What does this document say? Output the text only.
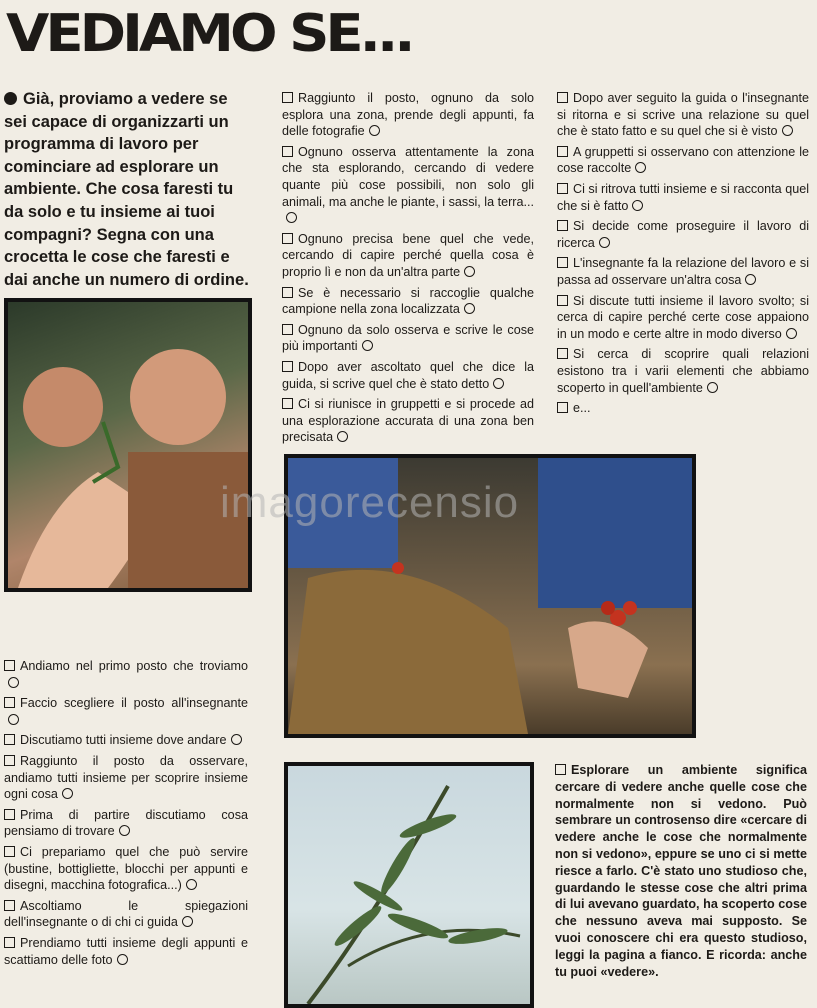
VEDIAMO SE...
Già, proviamo a vedere se sei capace di organizzarti un programma di lavoro per cominciare ad esplorare un ambiente. Che cosa faresti tu da solo e tu insieme ai tuoi compagni? Segna con una crocetta le cose che faresti e dai anche un numero di ordine.
Raggiunto il posto, ognuno da solo esplora una zona, prende degli appunti, fa delle fotografie
Ognuno osserva attentamente la zona che sta esplorando, cercando di vedere quante più cose possibili, non solo gli animali, ma anche le piante, i sassi, la terra...
Ognuno precisa bene quel che vede, cercando di capire perché quella cosa è proprio lì e non da un'altra parte
Se è necessario si raccoglie qualche campione nella zona localizzata
Ognuno da solo osserva e scrive le cose più importanti
Dopo aver ascoltato quel che dice la guida, si scrive quel che è stato detto
Ci si riunisce in gruppetti e si procede ad una esplorazione accurata di una zona ben precisata
Dopo aver seguito la guida o l'insegnante si ritorna e si scrive una relazione su quel che è stato fatto e su quel che si è visto
A gruppetti si osservano con attenzione le cose raccolte
Ci si ritrova tutti insieme e si racconta quel che si è fatto
Si decide come proseguire il lavoro di ricerca
L'insegnante fa la relazione del lavoro e si passa ad osservare un'altra cosa
Si discute tutti insieme il lavoro svolto; si cerca di capire perché certe cose appaiono in un modo e certe altre in modo diverso
Si cerca di scoprire quali relazioni esistono tra i varii elementi che abbiamo scoperto in quell'ambiente
e...
Andiamo nel primo posto che troviamo
Faccio scegliere il posto all'insegnante
Discutiamo tutti insieme dove andare
Raggiunto il posto da osservare, andiamo tutti insieme per scoprire insieme ogni cosa
Prima di partire discutiamo cosa pensiamo di trovare
Ci prepariamo quel che può servire (bustine, bottigliette, blocchi per appunti e disegni, macchina fotografica...)
Ascoltiamo le spiegazioni dell'insegnante o di chi ci guida
Prendiamo tutti insieme degli appunti e scattiamo delle foto
Esplorare un ambiente significa cercare di vedere anche quelle cose che normalmente non si vedono. Può sembrare un controsenso dire «cercare di vedere anche le cose che normalmente non si vedono», eppure se uno ci si mette riesce a farlo. C'è stato uno studioso che, guardando le stesse cose che altri prima di lui avevano guardato, ha scoperto cose che nessuno aveva mai supposto. Se vuoi conoscere chi era questo studioso, leggi la pagina a fianco. E ricorda: anche tu puoi «vedere».
imagorecensio
